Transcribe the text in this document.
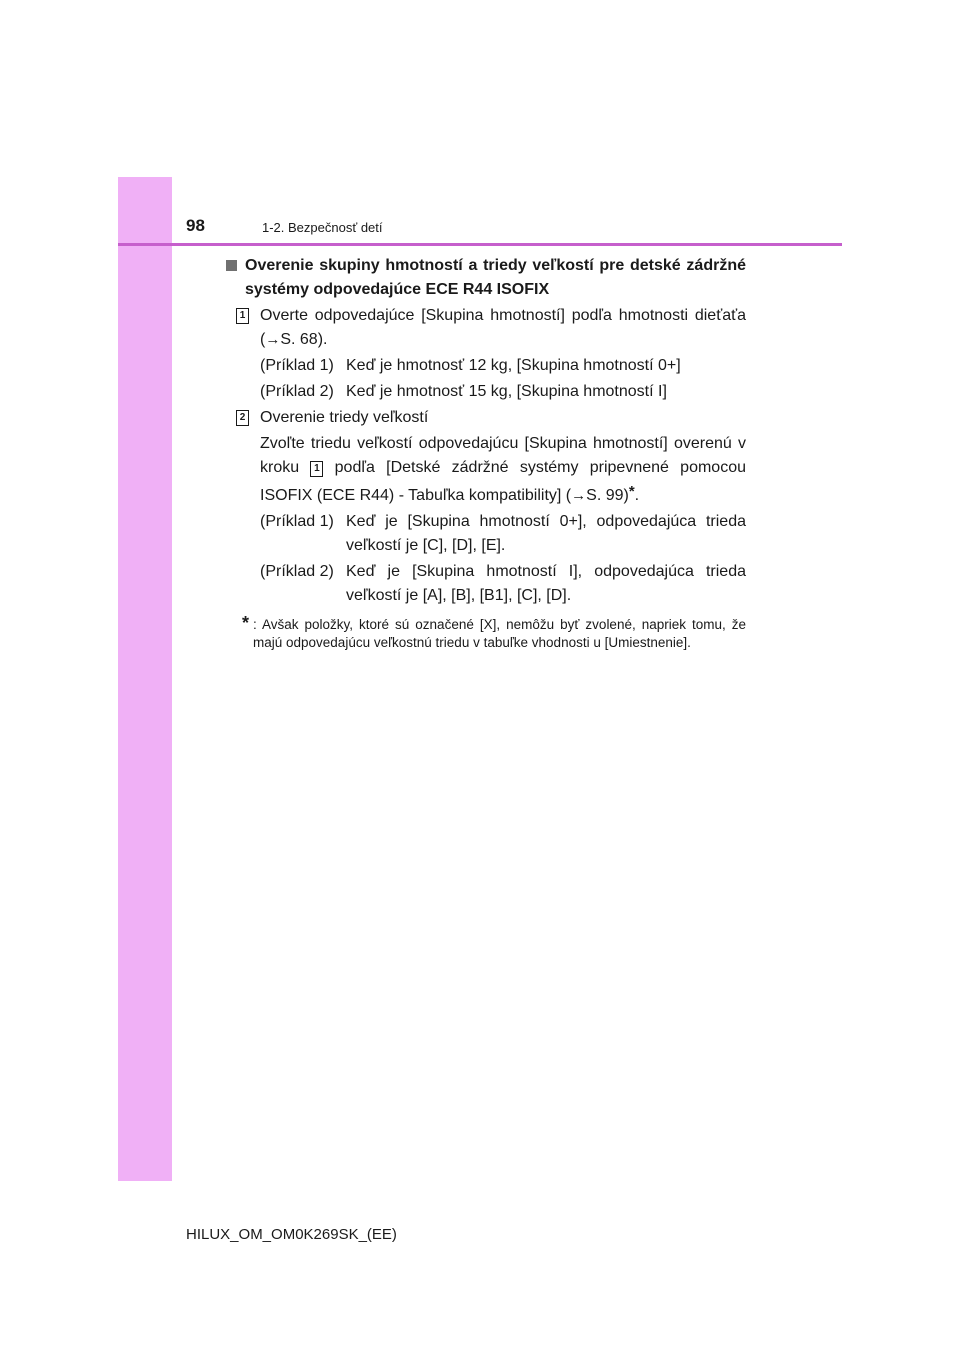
98	1-2. Bezpečnosť detí
Overenie skupiny hmotností a triedy veľkostí pre detské zádržné systémy odpovedajúce ECE R44 ISOFIX
1 Overte odpovedajúce [Skupina hmotností] podľa hmotnosti dieťaťa (→S. 68).
(Príklad 1) Keď je hmotnosť 12 kg, [Skupina hmotností 0+]
(Príklad 2) Keď je hmotnosť 15 kg, [Skupina hmotností I]
2 Overenie triedy veľkostí
Zvoľte triedu veľkostí odpovedajúcu [Skupina hmotností] overenú v kroku 1 podľa [Detské zádržné systémy pripevnené pomocou ISOFIX (ECE R44) - Tabuľka kompatibility] (→S. 99)*.
(Príklad 1) Keď je [Skupina hmotností 0+], odpovedajúca trieda veľkostí je [C], [D], [E].
(Príklad 2) Keď je [Skupina hmotností I], odpovedajúca trieda veľkostí je [A], [B], [B1], [C], [D].
* : Avšak položky, ktoré sú označené [X], nemôžu byť zvolené, napriek tomu, že majú odpovedajúcu veľkostnú triedu v tabuľke vhodnosti u [Umiestnenie].
HILUX_OM_OM0K269SK_(EE)
